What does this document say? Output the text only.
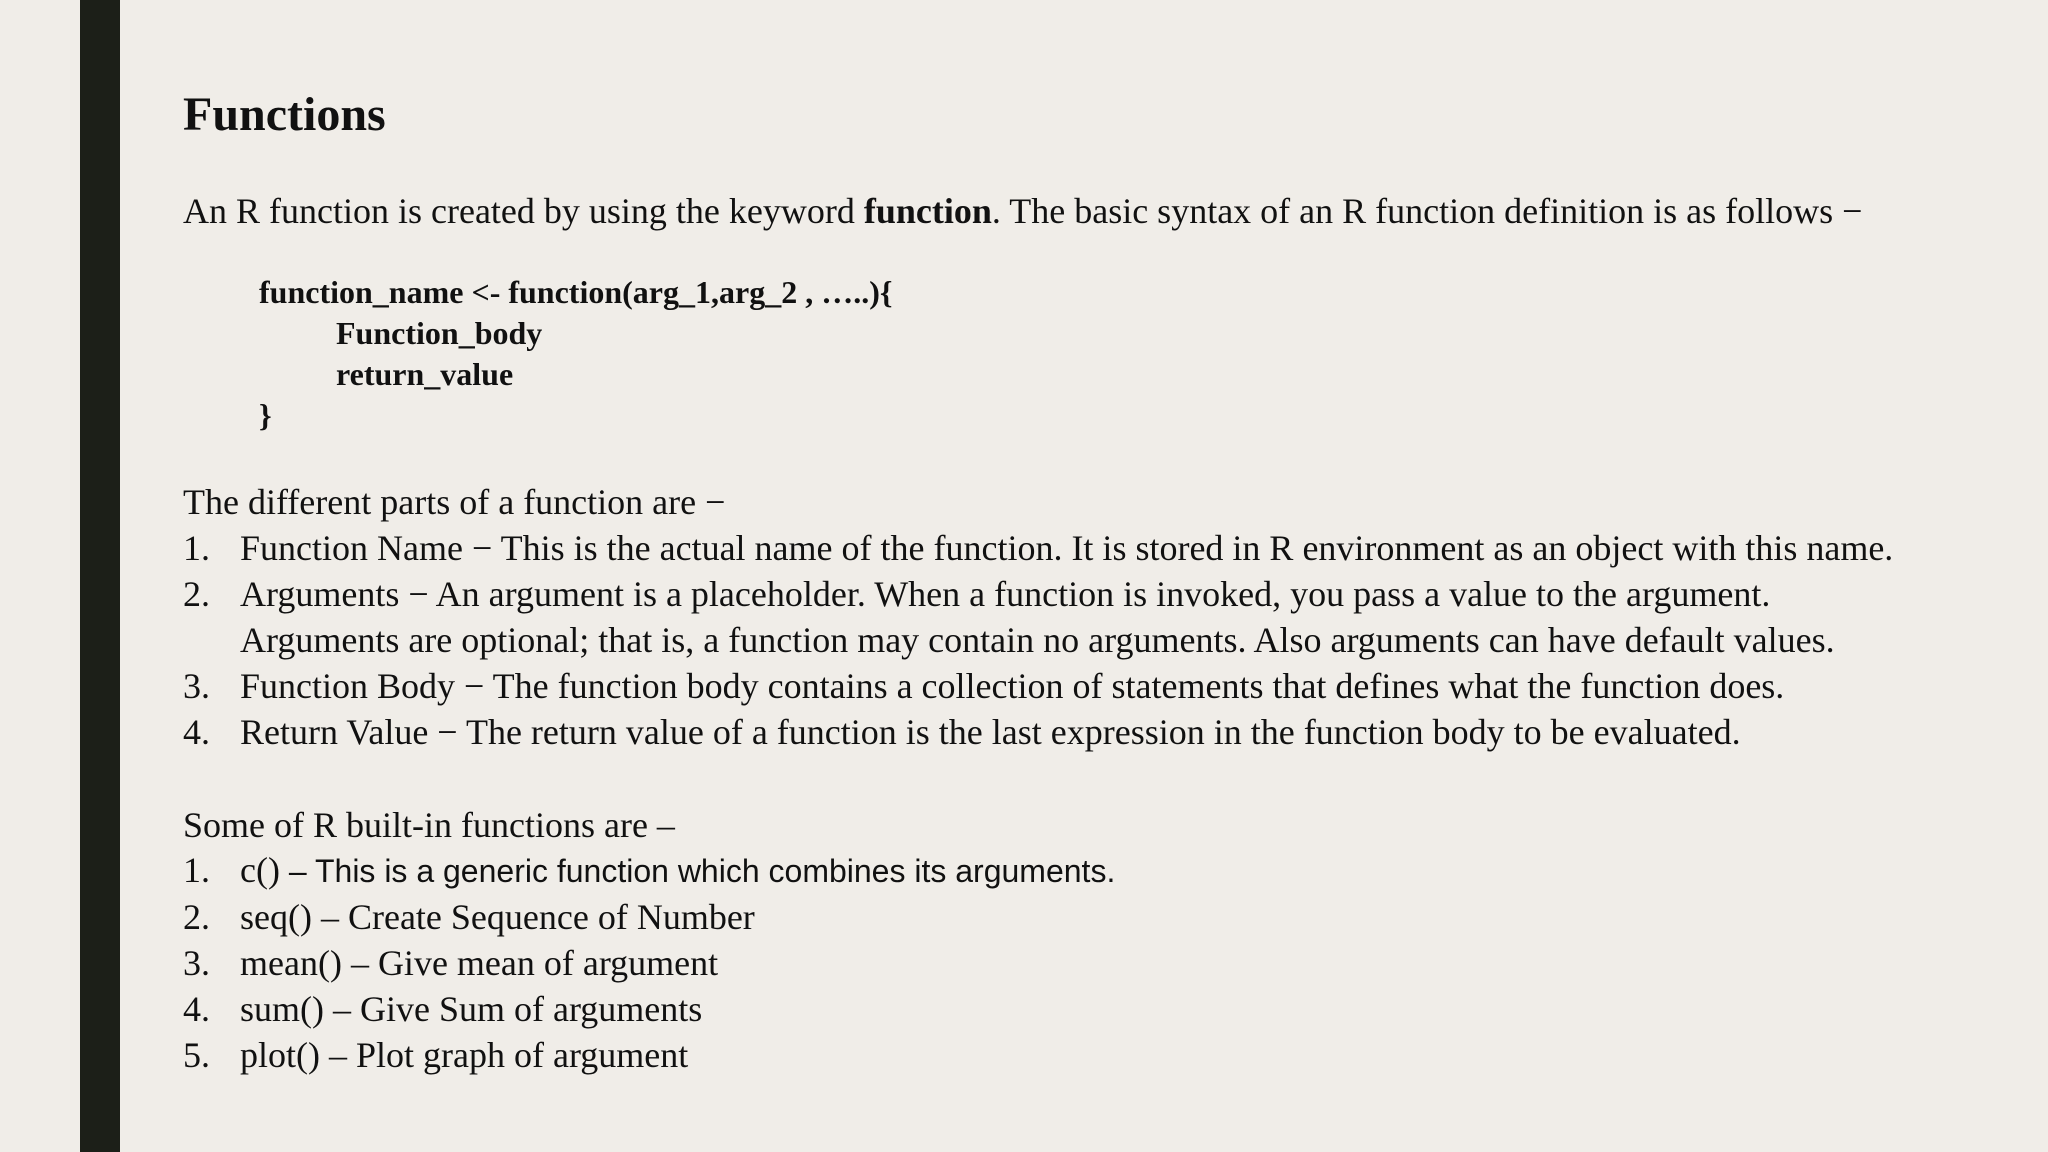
Functions

An R function is created by using the keyword function. The basic syntax of an R function definition is as follows −

function_name <- function(arg_1,arg_2 , …..){
Function_body
return_value
}
The different parts of a function are −
1. Function Name − This is the actual name of the function. It is stored in R environment as an object with this name.
2. Arguments − An argument is a placeholder. When a function is invoked, you pass a value to the argument.
Arguments are optional; that is, a function may contain no arguments. Also arguments can have default values.
3. Function Body − The function body contains a collection of statements that defines what the function does.
4. Return Value − The return value of a function is the last expression in the function body to be evaluated.
Some of R built-in functions are –
1. c() – This is a generic function which combines its arguments.
2. seq() – Create Sequence of Number
3. mean() – Give mean of argument
4. sum() – Give Sum of arguments
5. plot() – Plot graph of argument
